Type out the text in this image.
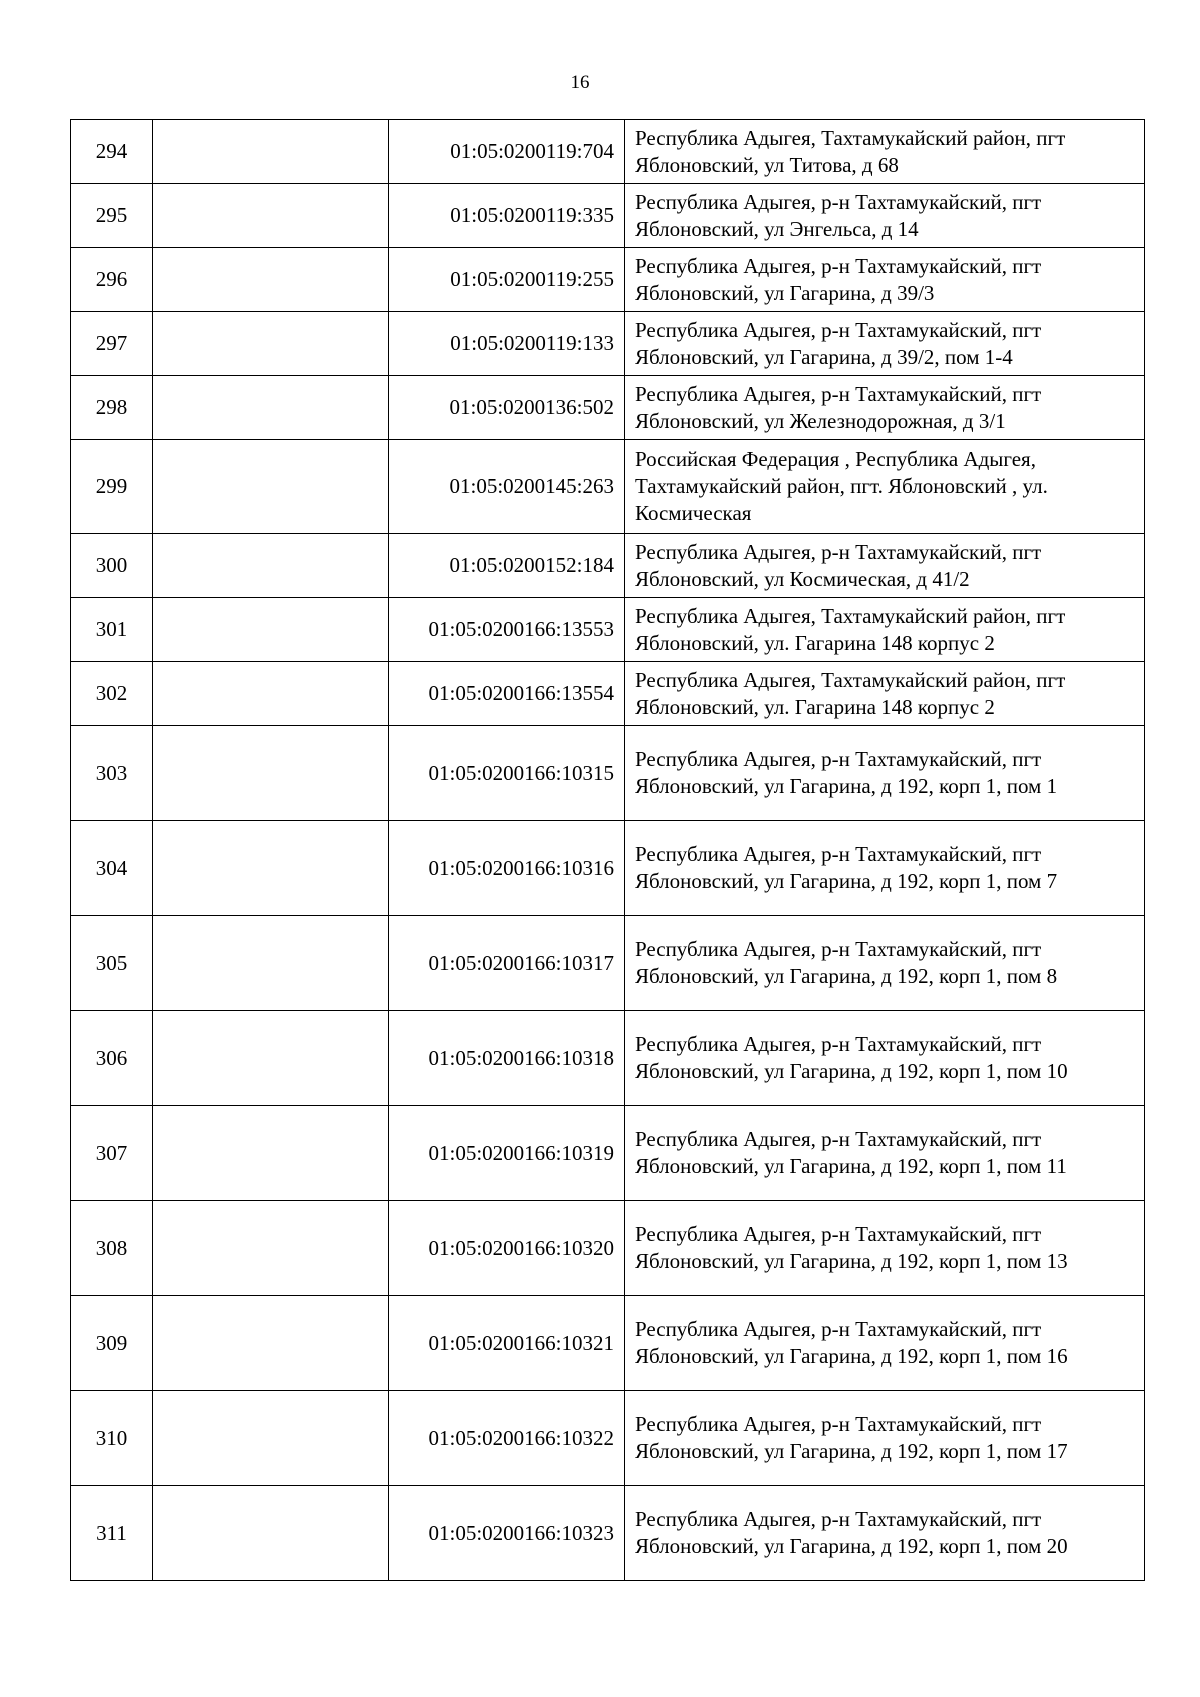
16
294		01:05:0200119:704	Республика Адыгея, Тахтамукайский район, пгт Яблоновский, ул Титова, д 68
295		01:05:0200119:335	Республика Адыгея, р-н Тахтамукайский, пгт Яблоновский, ул Энгельса, д 14
296		01:05:0200119:255	Республика Адыгея, р-н Тахтамукайский, пгт Яблоновский, ул Гагарина, д 39/3
297		01:05:0200119:133	Республика Адыгея, р-н Тахтамукайский, пгт Яблоновский, ул Гагарина, д 39/2, пом 1-4
298		01:05:0200136:502	Республика Адыгея, р-н Тахтамукайский, пгт Яблоновский, ул Железнодорожная, д 3/1
299		01:05:0200145:263	Российская Федерация , Республика Адыгея, Тахтамукайский район, пгт. Яблоновский , ул. Космическая
300		01:05:0200152:184	Республика Адыгея, р-н Тахтамукайский, пгт Яблоновский, ул Космическая, д 41/2
301		01:05:0200166:13553	Республика Адыгея, Тахтамукайский район, пгт Яблоновский, ул. Гагарина 148 корпус 2
302		01:05:0200166:13554	Республика Адыгея, Тахтамукайский район, пгт Яблоновский, ул. Гагарина 148 корпус 2
303		01:05:0200166:10315	Республика Адыгея, р-н Тахтамукайский, пгт Яблоновский, ул Гагарина, д 192, корп 1, пом 1
304		01:05:0200166:10316	Республика Адыгея, р-н Тахтамукайский, пгт Яблоновский, ул Гагарина, д 192, корп 1, пом 7
305		01:05:0200166:10317	Республика Адыгея, р-н Тахтамукайский, пгт Яблоновский, ул Гагарина, д 192, корп 1, пом 8
306		01:05:0200166:10318	Республика Адыгея, р-н Тахтамукайский, пгт Яблоновский, ул Гагарина, д 192, корп 1, пом 10
307		01:05:0200166:10319	Республика Адыгея, р-н Тахтамукайский, пгт Яблоновский, ул Гагарина, д 192, корп 1, пом 11
308		01:05:0200166:10320	Республика Адыгея, р-н Тахтамукайский, пгт Яблоновский, ул Гагарина, д 192, корп 1, пом 13
309		01:05:0200166:10321	Республика Адыгея, р-н Тахтамукайский, пгт Яблоновский, ул Гагарина, д 192, корп 1, пом 16
310		01:05:0200166:10322	Республика Адыгея, р-н Тахтамукайский, пгт Яблоновский, ул Гагарина, д 192, корп 1, пом 17
311		01:05:0200166:10323	Республика Адыгея, р-н Тахтамукайский, пгт Яблоновский, ул Гагарина, д 192, корп 1, пом 20
